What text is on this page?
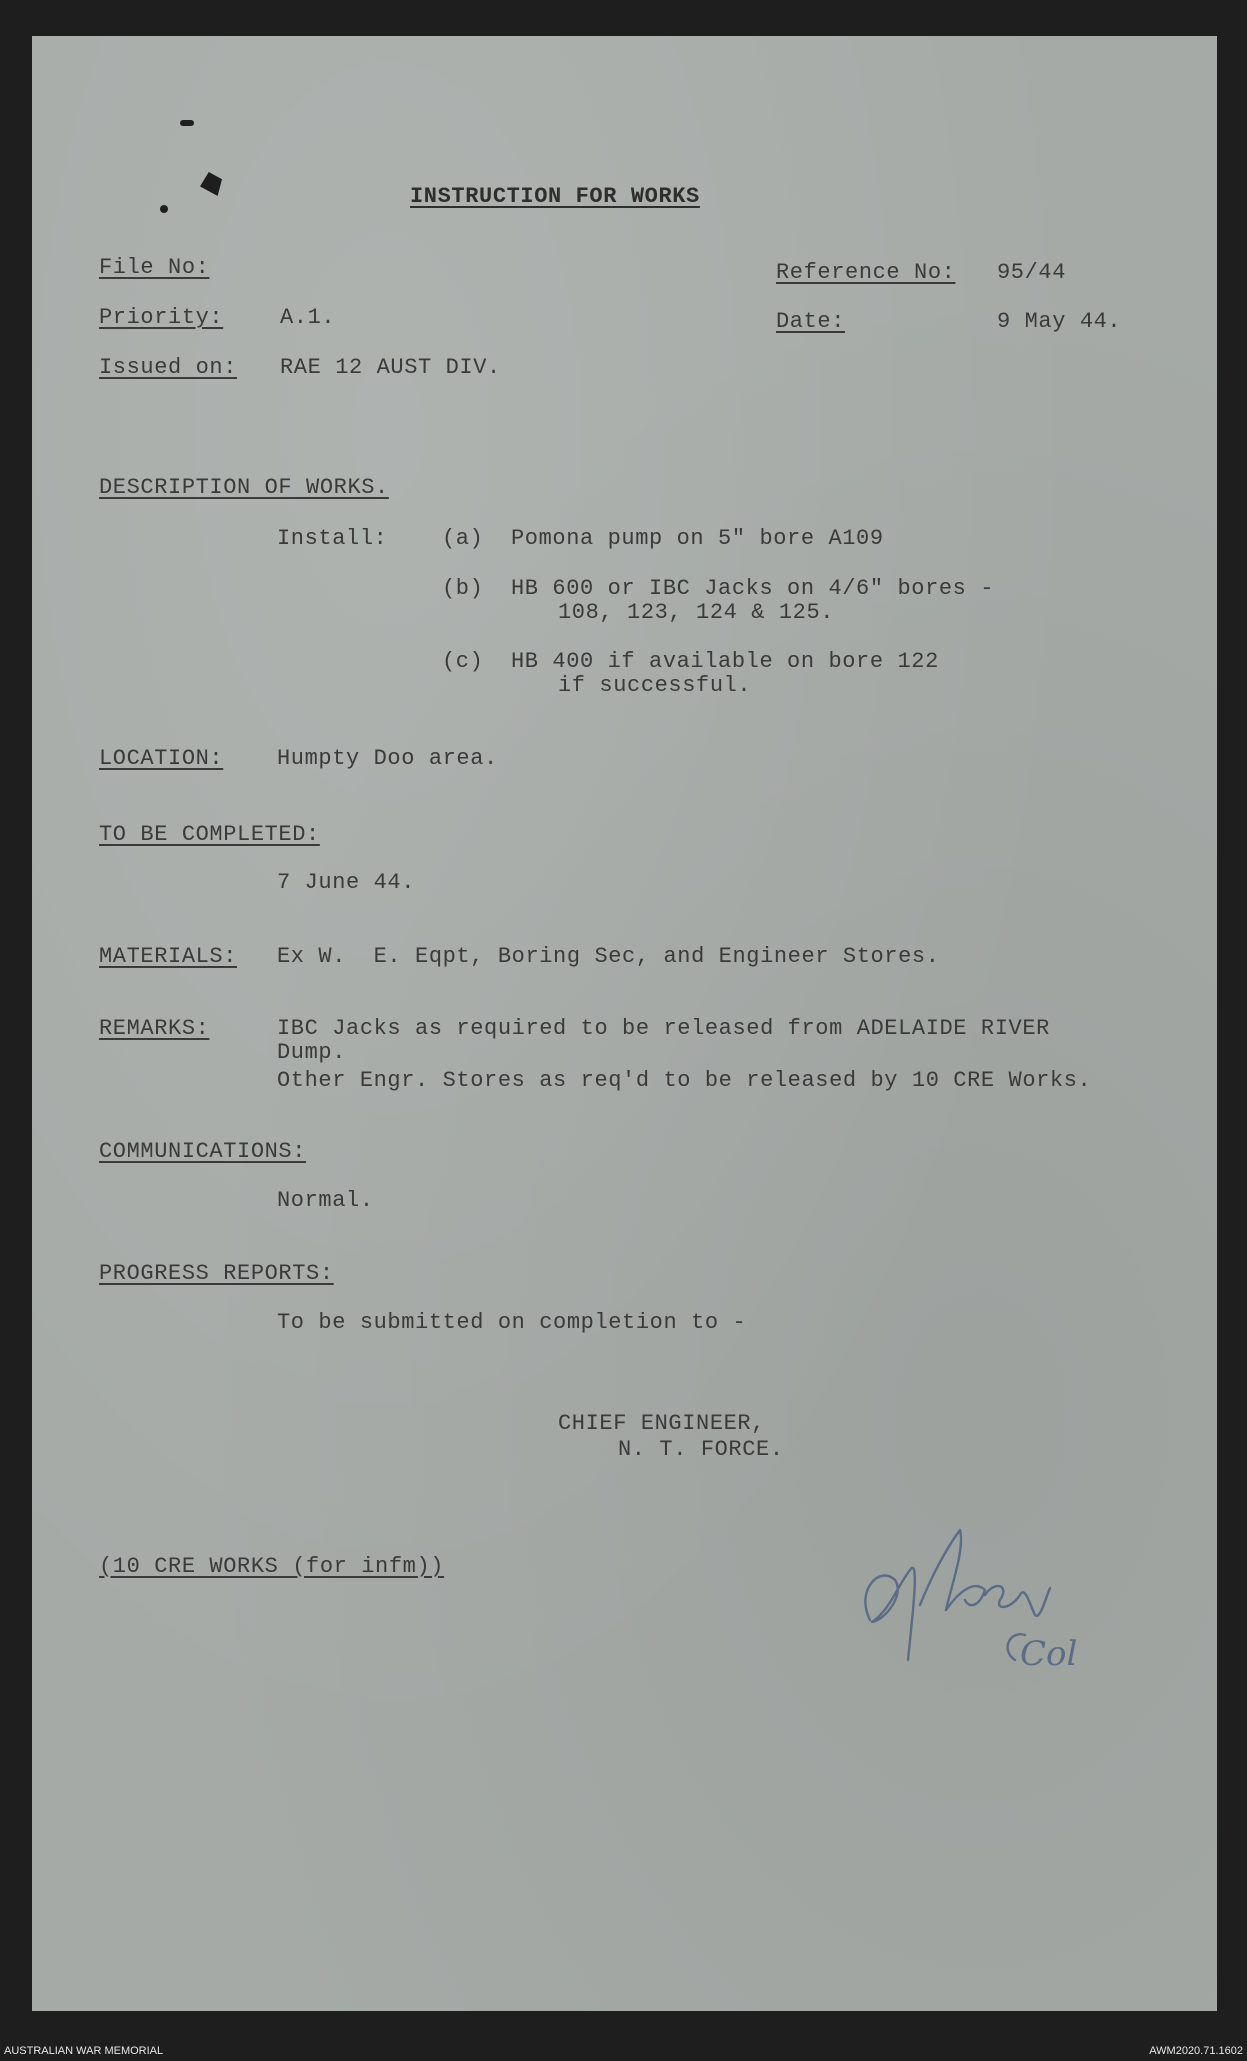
INSTRUCTION FOR WORKS
File No:	Reference No: 95/44
Priority:	A.1.	Date:	9 May 44.
Issued on: RAE 12 AUST DIV.
DESCRIPTION OF WORKS.
Install: (a) Pomona pump on 5" bore A109
(b) HB 600 or IBC Jacks on 4/6" bores -
108, 123, 124 & 125.
(c) HB 400 if available on bore 122
if successful.
LOCATION: Humpty Doo area.
TO BE COMPLETED:
7 June 44.
MATERIALS: Ex W.  E. Eqpt, Boring Sec, and Engineer Stores.
REMARKS:	IBC Jacks as required to be released from ADELAIDE RIVER
Dump.
Other Engr. Stores as req'd to be released by 10 CRE Works.
COMMUNICATIONS:
Normal.
PROGRESS REPORTS:
To be submitted on completion to -
CHIEF ENGINEER,
N. T. FORCE.
(10 CRE WORKS (for infm))
Col
AUSTRALIAN WAR MEMORIAL	AWM2020.71.1602
